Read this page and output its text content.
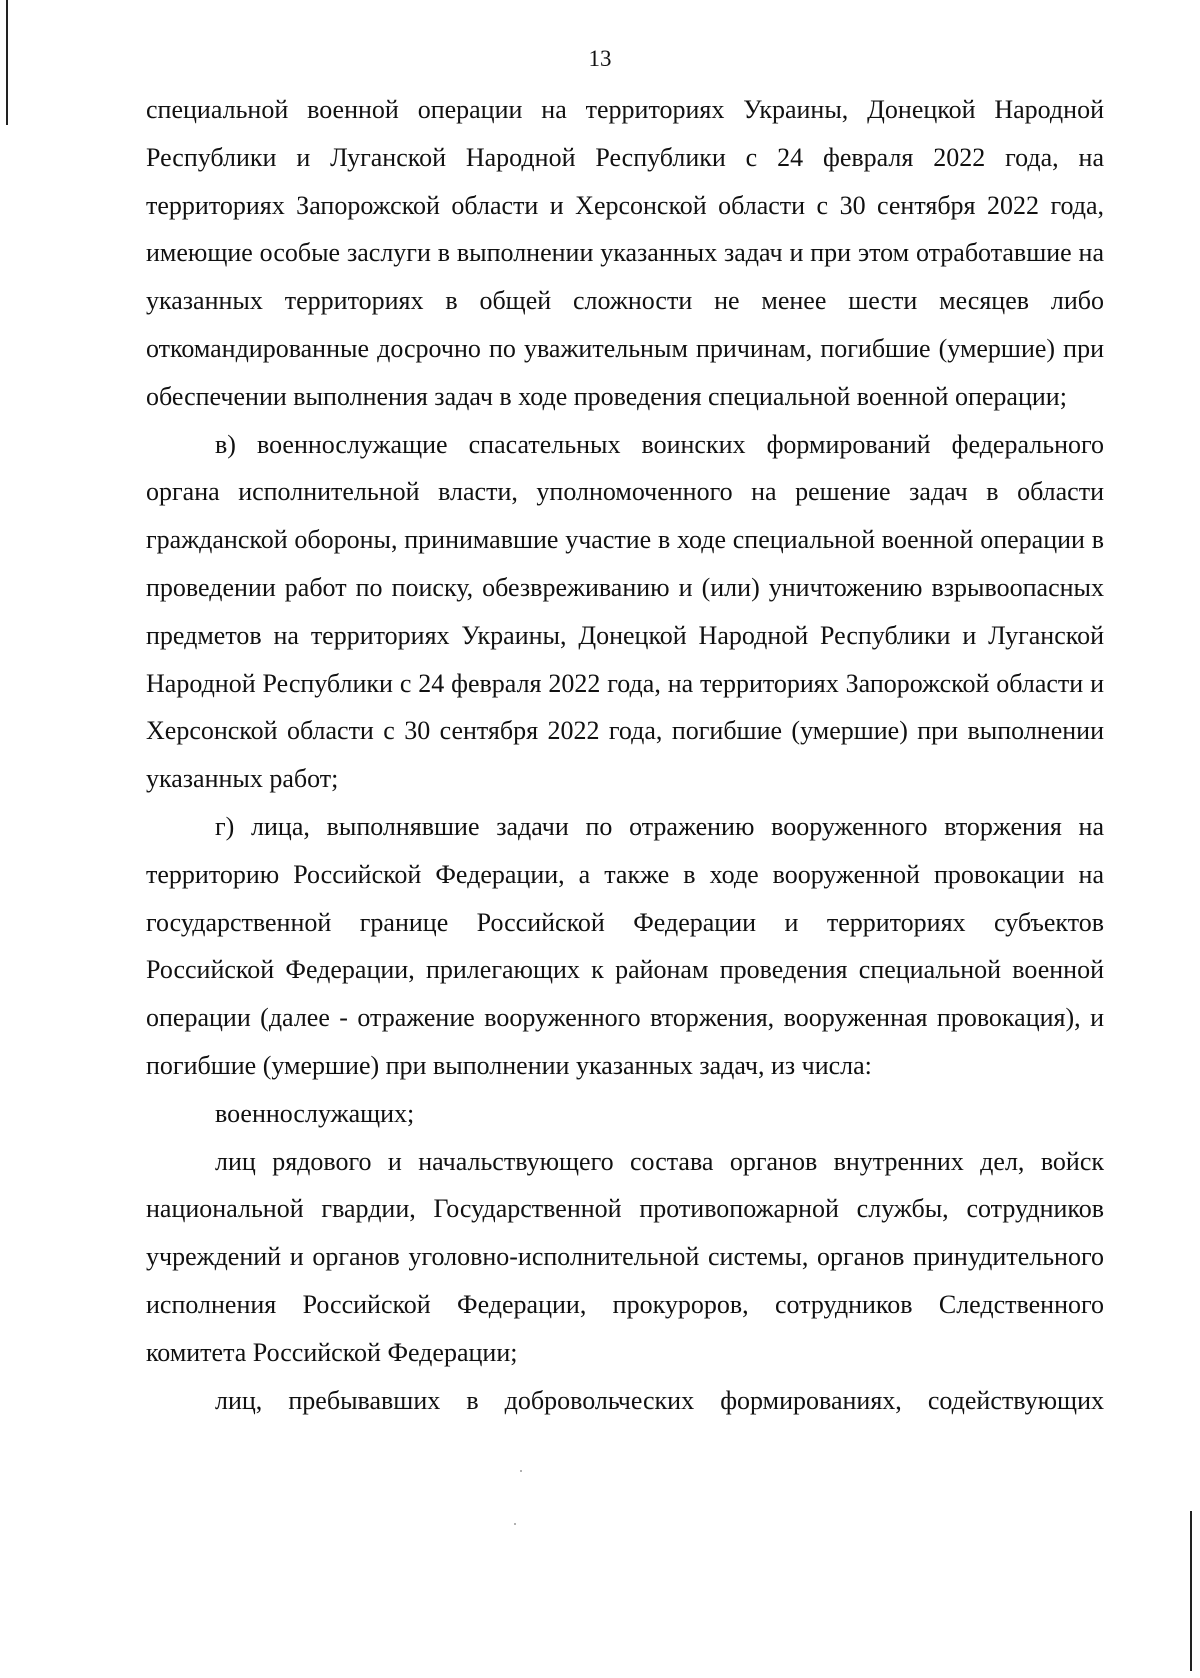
13

специальной военной операции на территориях Украины, Донецкой Народной Республики и Луганской Народной Республики с 24 февраля 2022 года, на территориях Запорожской области и Херсонской области с 30 сентября 2022 года, имеющие особые заслуги в выполнении указанных задач и при этом отработавшие на указанных территориях в общей сложности не менее шести месяцев либо откомандированные досрочно по уважительным причинам, погибшие (умершие) при обеспечении выполнения задач в ходе проведения специальной военной операции;

в) военнослужащие спасательных воинских формирований федерального органа исполнительной власти, уполномоченного на решение задач в области гражданской обороны, принимавшие участие в ходе специальной военной операции в проведении работ по поиску, обезвреживанию и (или) уничтожению взрывоопасных предметов на территориях Украины, Донецкой Народной Республики и Луганской Народной Республики с 24 февраля 2022 года, на территориях Запорожской области и Херсонской области с 30 сентября 2022 года, погибшие (умершие) при выполнении указанных работ;

г) лица, выполнявшие задачи по отражению вооруженного вторжения на территорию Российской Федерации, а также в ходе вооруженной провокации на государственной границе Российской Федерации и территориях субъектов Российской Федерации, прилегающих к районам проведения специальной военной операции (далее - отражение вооруженного вторжения, вооруженная провокация), и погибшие (умершие) при выполнении указанных задач, из числа:

военнослужащих;

лиц рядового и начальствующего состава органов внутренних дел, войск национальной гвардии, Государственной противопожарной службы, сотрудников учреждений и органов уголовно-исполнительной системы, органов принудительного исполнения Российской Федерации, прокуроров, сотрудников Следственного комитета Российской Федерации;

лиц, пребывавших в добровольческих формированиях, содействующих
